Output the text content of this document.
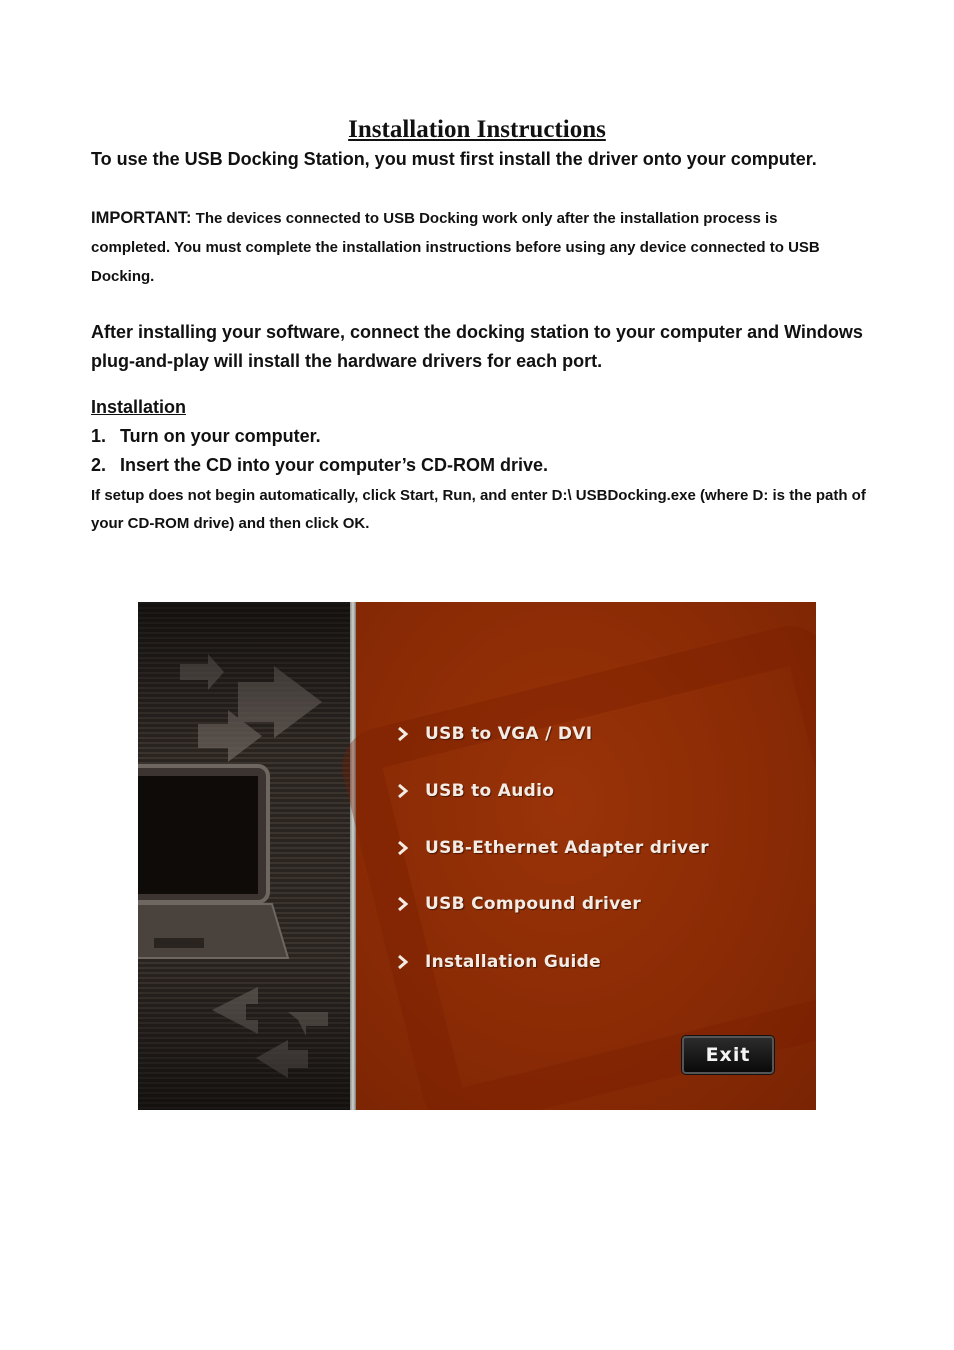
Installation Instructions
To use the USB Docking Station, you must first install the driver onto your computer.
IMPORTANT: The devices connected to USB Docking work only after the installation process is completed. You must complete the installation instructions before using any device connected to USB Docking.
After installing your software, connect the docking station to your computer and Windows plug-and-play will install the hardware drivers for each port.
Installation
1. Turn on your computer.
2. Insert the CD into your computer’s CD-ROM drive.
If setup does not begin automatically, click Start, Run, and enter D:\ USBDocking.exe (where D: is the path of your CD-ROM drive) and then click OK.
USB to VGA / DVI
USB to Audio
USB-Ethernet Adapter driver
USB Compound driver
Installation Guide
Exit
